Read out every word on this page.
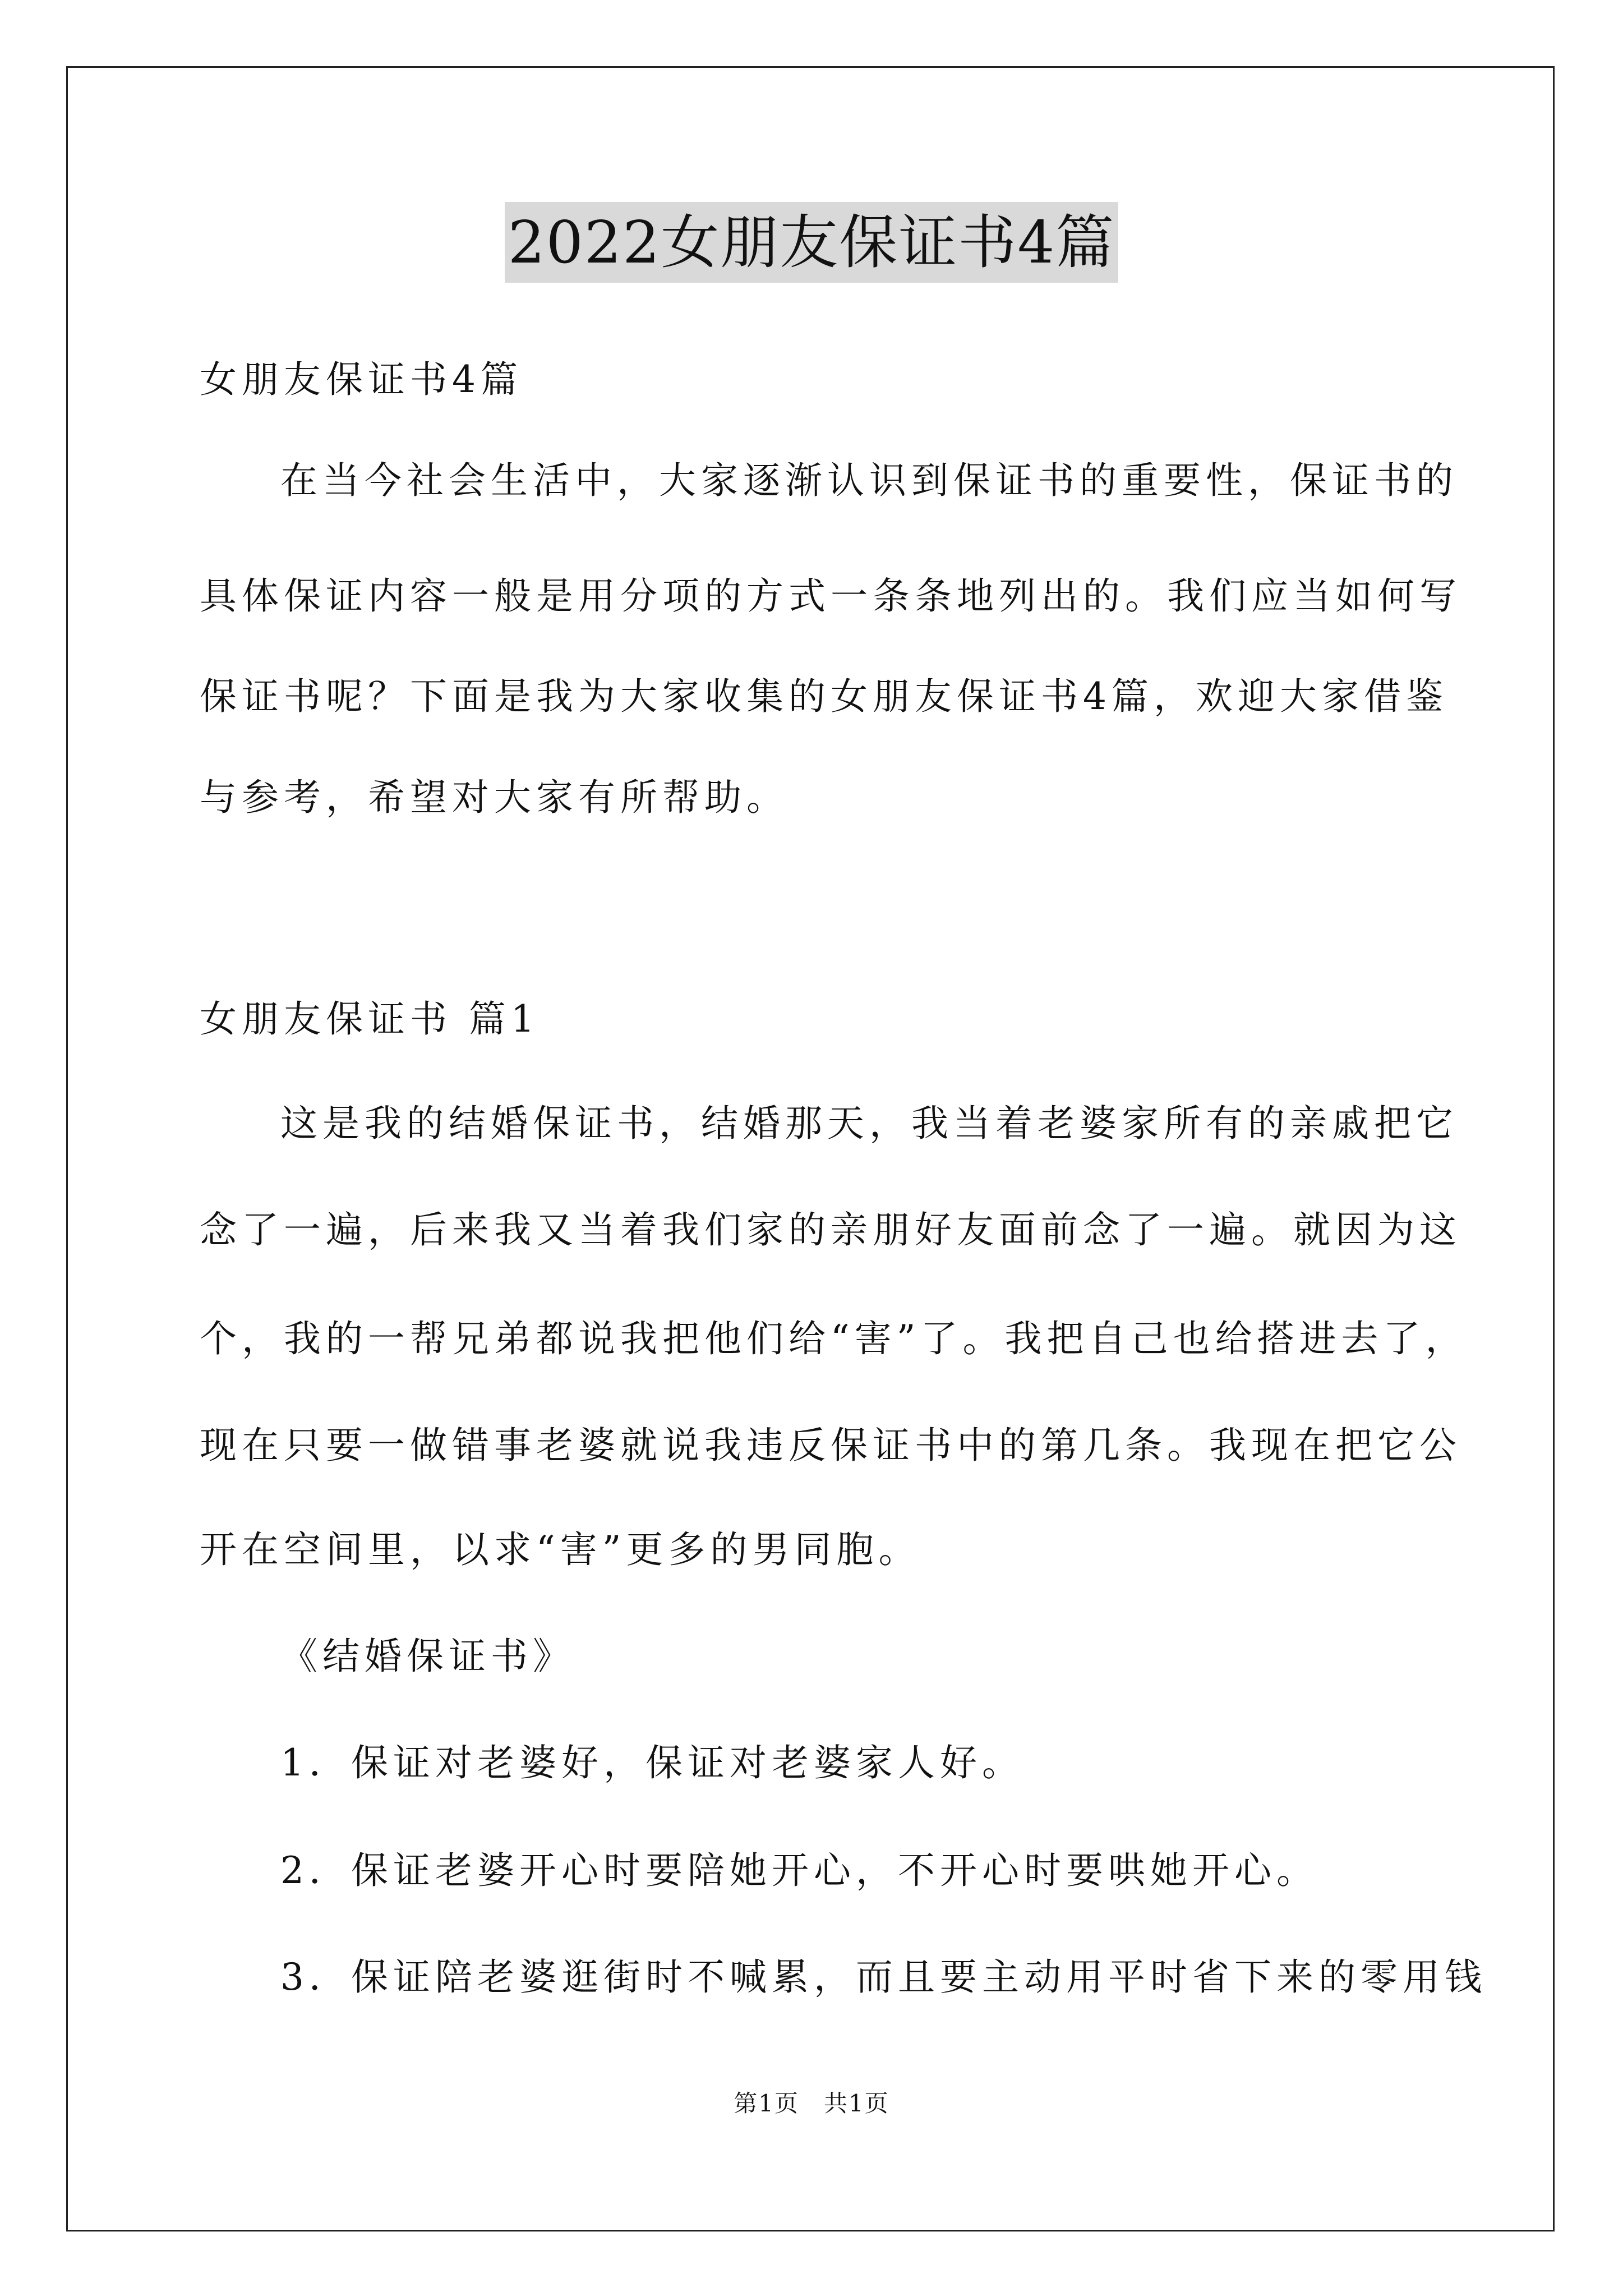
2022女朋友保证书4篇
女朋友保证书4篇
在当今社会生活中，大家逐渐认识到保证书的重要性，保证书的
具体保证内容一般是用分项的方式一条条地列出的。我们应当如何写
保证书呢？下面是我为大家收集的女朋友保证书4篇，欢迎大家借鉴
与参考，希望对大家有所帮助。
女朋友保证书 篇1
这是我的结婚保证书，结婚那天，我当着老婆家所有的亲戚把它
念了一遍，后来我又当着我们家的亲朋好友面前念了一遍。就因为这
个，我的一帮兄弟都说我把他们给“害”了。我把自己也给搭进去了，
现在只要一做错事老婆就说我违反保证书中的第几条。我现在把它公
开在空间里，以求“害”更多的男同胞。
《结婚保证书》
1．保证对老婆好，保证对老婆家人好。
2．保证老婆开心时要陪她开心，不开心时要哄她开心。
3．保证陪老婆逛街时不喊累，而且要主动用平时省下来的零用钱
第1页　共1页
